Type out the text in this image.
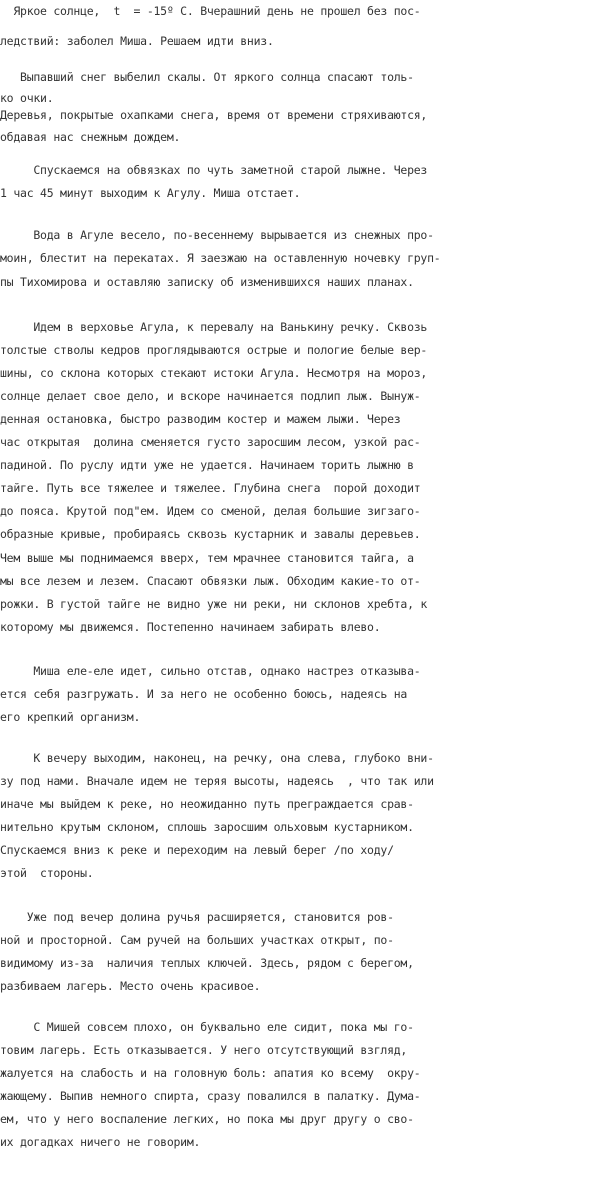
Яркое солнце,  t  = -15º С. Вчерашний день не прошел без пос-
ледствий: заболел Миша. Решаем идти вниз.
Выпавший снег выбелил скалы. От яркого солнца спасают толь-
ко очки.
Деревья, покрытые охапками снега, время от времени стряхиваются,
обдавая нас снежным дождем.
Спускаемся на обвязках по чуть заметной старой лыжне. Через
1 час 45 минут выходим к Агулу. Миша отстает.
Вода в Агуле весело, по-весеннему вырывается из снежных про-
моин, блестит на перекатах. Я заезжаю на оставленную ночевку груп-
пы Тихомирова и оставляю записку об изменившихся наших планах.
Идем в верховье Агула, к перевалу на Ванькину речку. Сквозь
толстые стволы кедров проглядываются острые и пологие белые вер-
шины, со склона которых стекают истоки Агула. Несмотря на мороз,
солнце делает свое дело, и вскоре начинается подлип лыж. Вынуж-
денная остановка, быстро разводим костер и мажем лыжи. Через
час открытая  долина сменяется густо заросшим лесом, узкой рас-
падиной. По руслу идти уже не удается. Начинаем торить лыжню в
тайге. Путь все тяжелее и тяжелее. Глубина снега  порой доходит
до пояса. Крутой под"ем. Идем со сменой, делая большие зигзаго-
образные кривые, пробираясь сквозь кустарник и завалы деревьев.
Чем выше мы поднимаемся вверх, тем мрачнее становится тайга, а
мы все лезем и лезем. Спасают обвязки лыж. Обходим какие-то от-
рожки. В густой тайге не видно уже ни реки, ни склонов хребта, к
которому мы движемся. Постепенно начинаем забирать влево.
Миша еле-еле идет, сильно отстав, однако настрез отказыва-
ется себя разгружать. И за него не особенно боюсь, надеясь на
его крепкий организм.
К вечеру выходим, наконец, на речку, она слева, глубоко вни-
зу под нами. Вначале идем не теряя высоты, надеясь  , что так или
иначе мы выйдем к реке, но неожиданно путь преграждается срав-
нительно крутым склоном, сплошь заросшим ольховым кустарником.
Спускаемся вниз к реке и переходим на левый берег /по ходу/
этой  стороны.
Уже под вечер долина ручья расширяется, становится ров-
ной и просторной. Сам ручей на больших участках открыт, по-
видимому из-за  наличия теплых ключей. Здесь, рядом с берегом,
разбиваем лагерь. Место очень красивое.
С Мишей совсем плохо, он буквально еле сидит, пока мы го-
товим лагерь. Есть отказывается. У него отсутствующий взгляд,
жалуется на слабость и на головную боль: апатия ко всему  окру-
жающему. Выпив немного спирта, сразу повалился в палатку. Дума-
ем, что у него воспаление легких, но пока мы друг другу о сво-
их догадках ничего не говорим.
